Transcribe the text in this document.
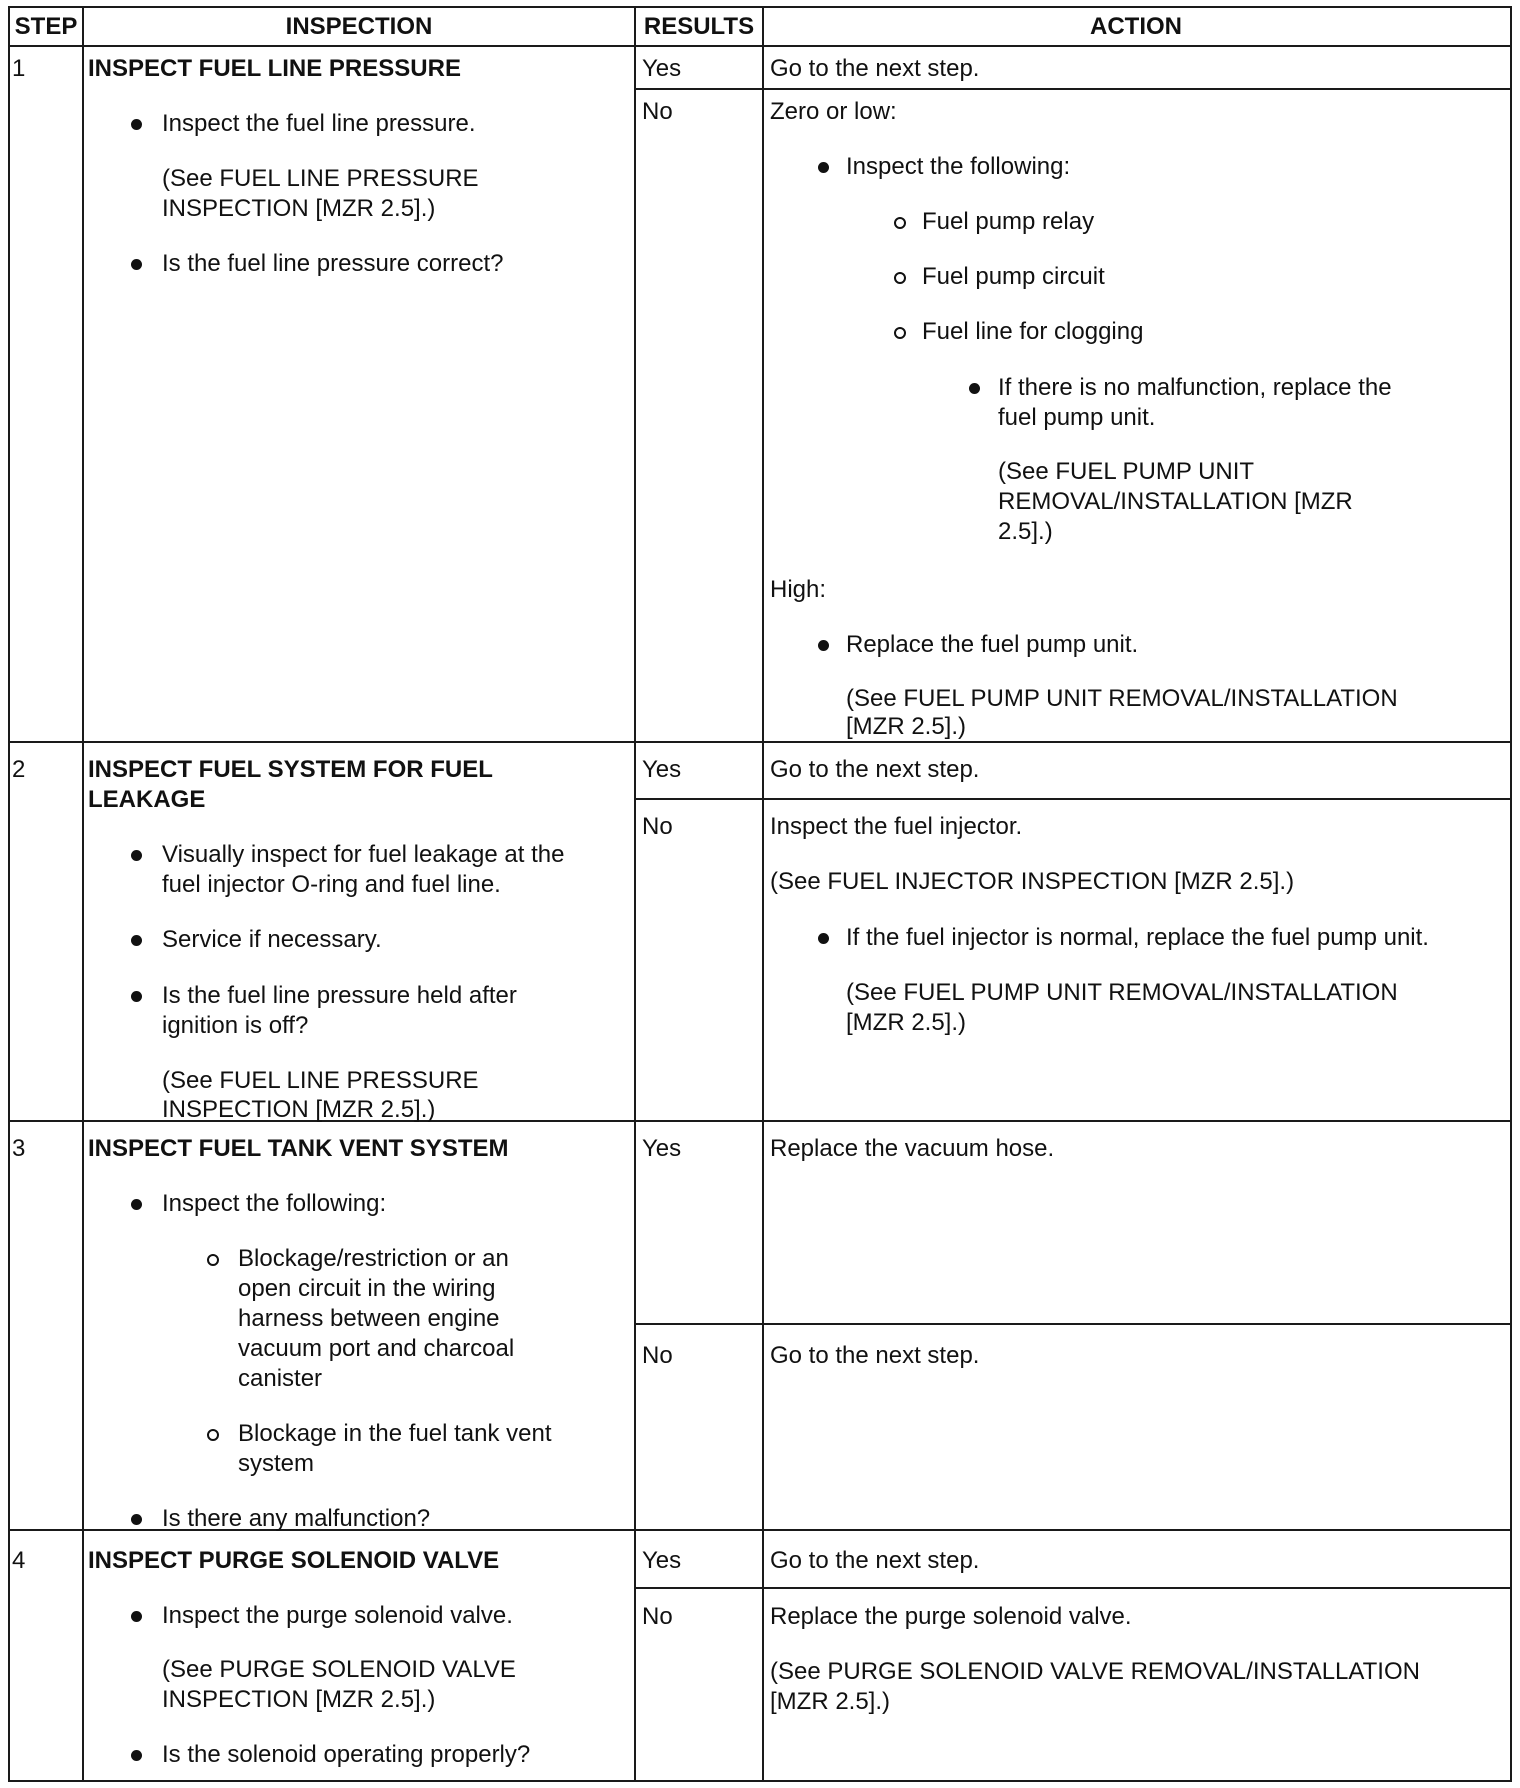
STEP	INSPECTION	RESULTS	ACTION
1	INSPECT FUEL LINE PRESSURE
Inspect the fuel line pressure.
(See FUEL LINE PRESSURE
INSPECTION [MZR 2.5].)
Is the fuel line pressure correct?
Yes	Go to the next step.
No	Zero or low:
Inspect the following:
Fuel pump relay
Fuel pump circuit
Fuel line for clogging
If there is no malfunction, replace the
fuel pump unit.
(See FUEL PUMP UNIT
REMOVAL/INSTALLATION [MZR
2.5].)
High:
Replace the fuel pump unit.
(See FUEL PUMP UNIT REMOVAL/INSTALLATION
[MZR 2.5].)
2	INSPECT FUEL SYSTEM FOR FUEL
LEAKAGE
Visually inspect for fuel leakage at the
fuel injector O-ring and fuel line.
Service if necessary.
Is the fuel line pressure held after
ignition is off?
(See FUEL LINE PRESSURE
INSPECTION [MZR 2.5].)
Yes	Go to the next step.
No	Inspect the fuel injector.
(See FUEL INJECTOR INSPECTION [MZR 2.5].)
If the fuel injector is normal, replace the fuel pump unit.
(See FUEL PUMP UNIT REMOVAL/INSTALLATION
[MZR 2.5].)
3	INSPECT FUEL TANK VENT SYSTEM
Inspect the following:
Blockage/restriction or an
open circuit in the wiring
harness between engine
vacuum port and charcoal
canister
Blockage in the fuel tank vent
system
Is there any malfunction?
Yes	Replace the vacuum hose.
No	Go to the next step.
4	INSPECT PURGE SOLENOID VALVE
Inspect the purge solenoid valve.
(See PURGE SOLENOID VALVE
INSPECTION [MZR 2.5].)
Is the solenoid operating properly?
Yes	Go to the next step.
No	Replace the purge solenoid valve.
(See PURGE SOLENOID VALVE REMOVAL/INSTALLATION
[MZR 2.5].)
